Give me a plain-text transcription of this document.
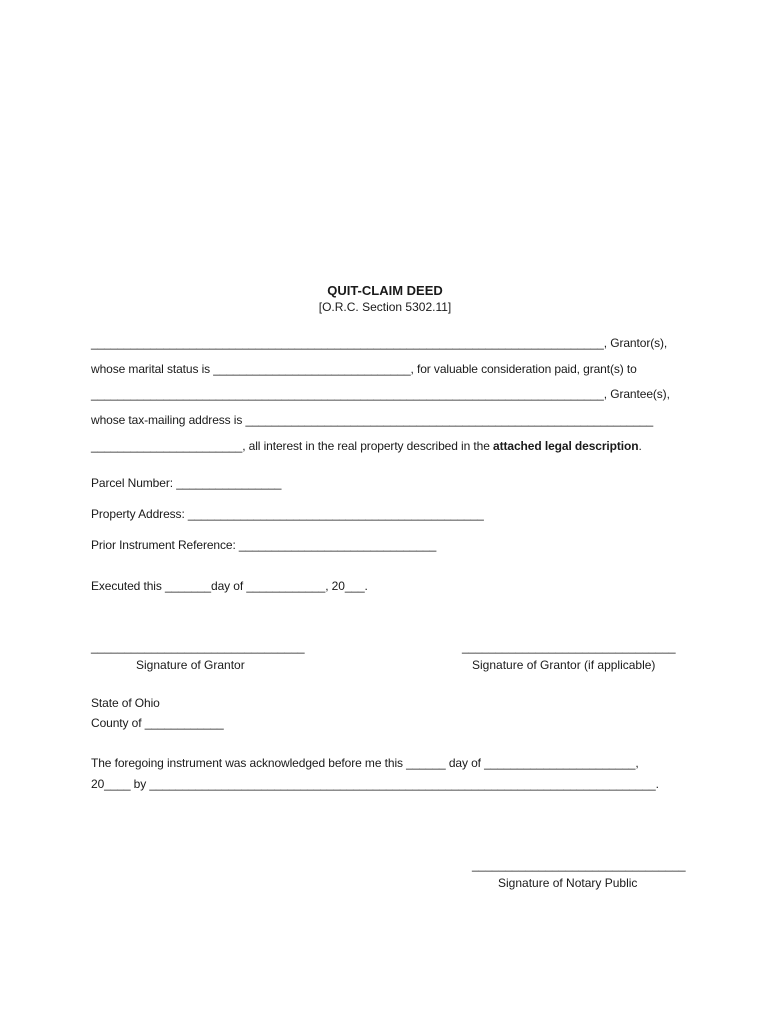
QUIT-CLAIM DEED
[O.R.C. Section 5302.11]
______________________________________________________________________________, Grantor(s),
whose marital status is ______________________________, for valuable consideration paid, grant(s) to
______________________________________________________________________________, Grantee(s),
whose tax-mailing address is ______________________________________________________________
_______________________, all interest in the real property described in the attached legal description.
Parcel Number: ________________
Property Address: _____________________________________________
Prior Instrument Reference: ______________________________
Executed this _______day of ____________, 20___.
________________________________
Signature of Grantor
________________________________
Signature of Grantor (if applicable)
State of Ohio
County of ____________
The foregoing instrument was acknowledged before me this ______ day of _______________________,
20____ by _____________________________________________________________________________.
________________________________
Signature of Notary Public
